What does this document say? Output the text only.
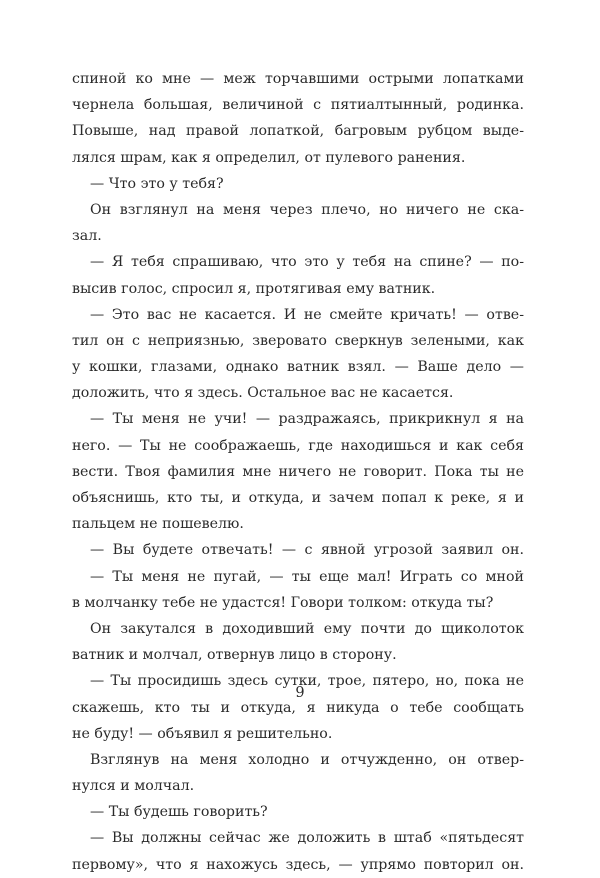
спиной ко мне — меж торчавшими острыми лопатками
чернела большая, величиной с пятиалтынный, родинка.
Повыше, над правой лопаткой, багровым рубцом выде-
лялся шрам, как я определил, от пулевого ранения.
— Что это у тебя?
Он взглянул на меня через плечо, но ничего не ска-
зал.
— Я тебя спрашиваю, что это у тебя на спине? — по-
высив голос, спросил я, протягивая ему ватник.
— Это вас не касается. И не смейте кричать! — отве-
тил он с неприязнью, зверовато сверкнув зелеными, как
у кошки, глазами, однако ватник взял. — Ваше дело —
доложить, что я здесь. Остальное вас не касается.
— Ты меня не учи! — раздражаясь, прикрикнул я на
него. — Ты не соображаешь, где находишься и как себя
вести. Твоя фамилия мне ничего не говорит. Пока ты не
объяснишь, кто ты, и откуда, и зачем попал к реке, я и
пальцем не пошевелю.
— Вы будете отвечать! — с явной угрозой заявил он.
— Ты меня не пугай, — ты еще мал! Играть со мной
в молчанку тебе не удастся! Говори толком: откуда ты?
Он закутался в доходивший ему почти до щиколоток
ватник и молчал, отвернув лицо в сторону.
— Ты просидишь здесь сутки, трое, пятеро, но, пока не
скажешь, кто ты и откуда, я никуда о тебе сообщать
не буду! — объявил я решительно.
Взглянув на меня холодно и отчужденно, он отвер-
нулся и молчал.
— Ты будешь говорить?
— Вы должны сейчас же доложить в штаб «пятьдесят
первому», что я нахожусь здесь, — упрямо повторил он.
9
